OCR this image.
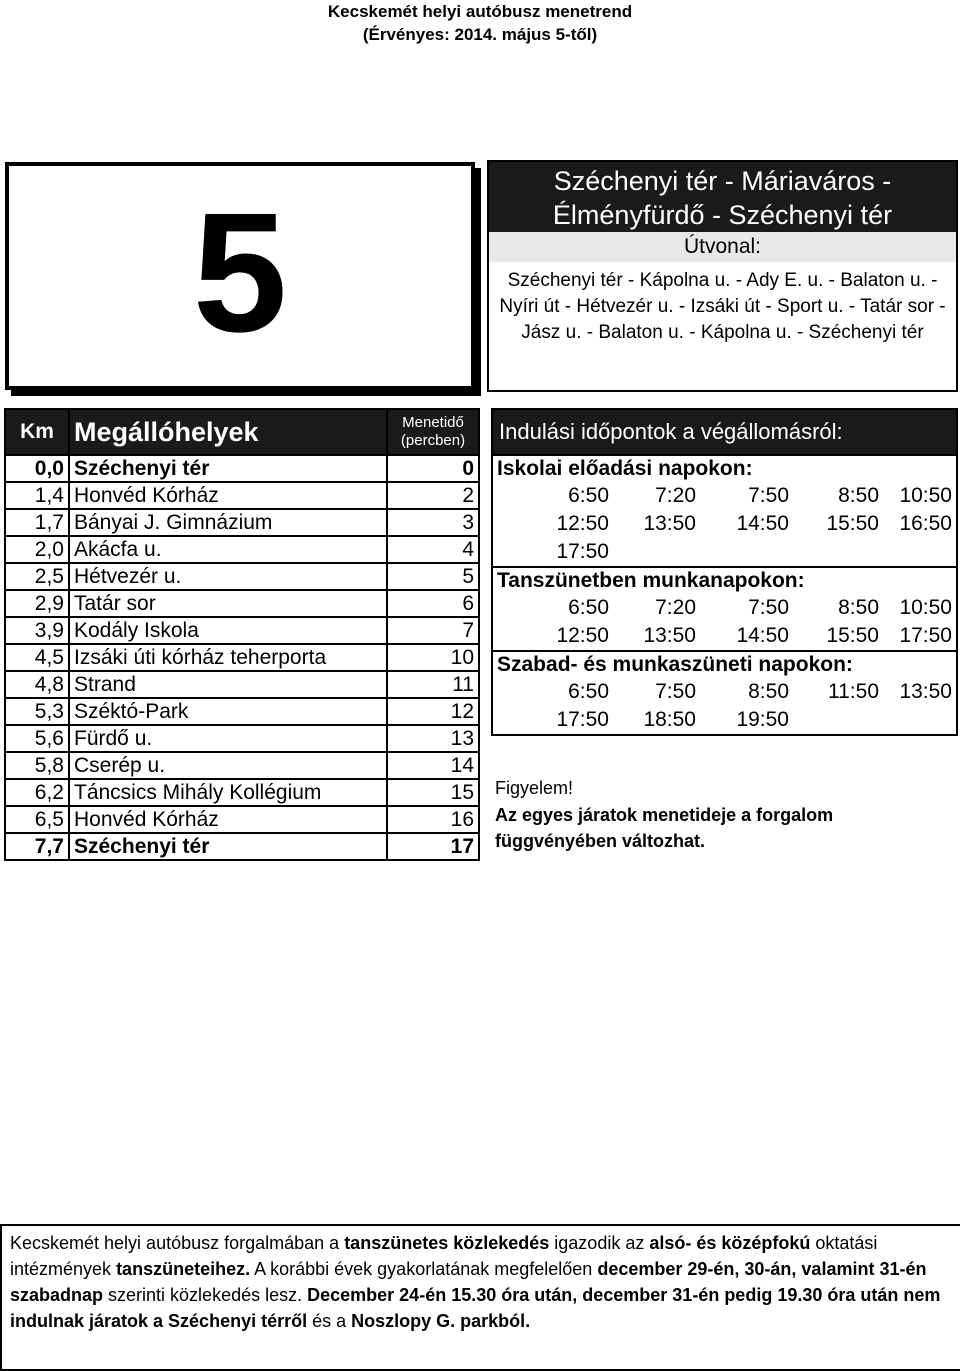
Kecskemét helyi autóbusz menetrend
(Érvényes: 2014. május 5-től)
5	Széchenyi tér - Máriaváros -
Élményfürdő - Széchenyi tér
Útvonal:
Széchenyi tér - Kápolna u. - Ady E. u. - Balaton u. - Nyíri út - Hétvezér u. - Izsáki út - Sport u. - Tatár sor - Jász u. - Balaton u. - Kápolna u. - Széchenyi tér
Km	Megállóhelyek	Menetidő
(percben)

0,0	Széchenyi tér	0
1,4	Honvéd Kórház	2
1,7	Bányai J. Gimnázium	3
2,0	Akácfa u.	4
2,5	Hétvezér u.	5
2,9	Tatár sor	6
3,9	Kodály Iskola	7
4,5	Izsáki úti kórház teherporta	10
4,8	Strand	11
5,3	Széktó-Park	12
5,6	Fürdő u.	13
5,8	Cserép u.	14
6,2	Táncsics Mihály Kollégium	15
6,5	Honvéd Kórház	16
7,7	Széchenyi tér	17
Indulási időpontok a végállomásról:
Iskolai előadási napokon:
6:50	7:20	7:50	8:50 10:50
12:50	13:50	14:50	15:50 16:50
17:50
Tanszünetben munkanapokon:
6:50	7:20	7:50	8:50 10:50
12:50	13:50	14:50	15:50 17:50
Szabad- és munkaszüneti napokon:
6:50	7:50	8:50	11:50 13:50
17:50	18:50	19:50
Figyelem!
Az egyes járatok menetideje a forgalom
függvényében változhat.
Kecskemét helyi autóbusz forgalmában a tanszünetes közlekedés igazodik az alsó- és középfokú oktatási intézmények tanszüneteihez. A korábbi évek gyakorlatának megfelelően december 29-én, 30-án, valamint 31-én szabadnap szerinti közlekedés lesz. December 24-én 15.30 óra után, december 31-én pedig 19.30 óra után nem indulnak járatok a Széchenyi térről és a Noszlopy G. parkból.
